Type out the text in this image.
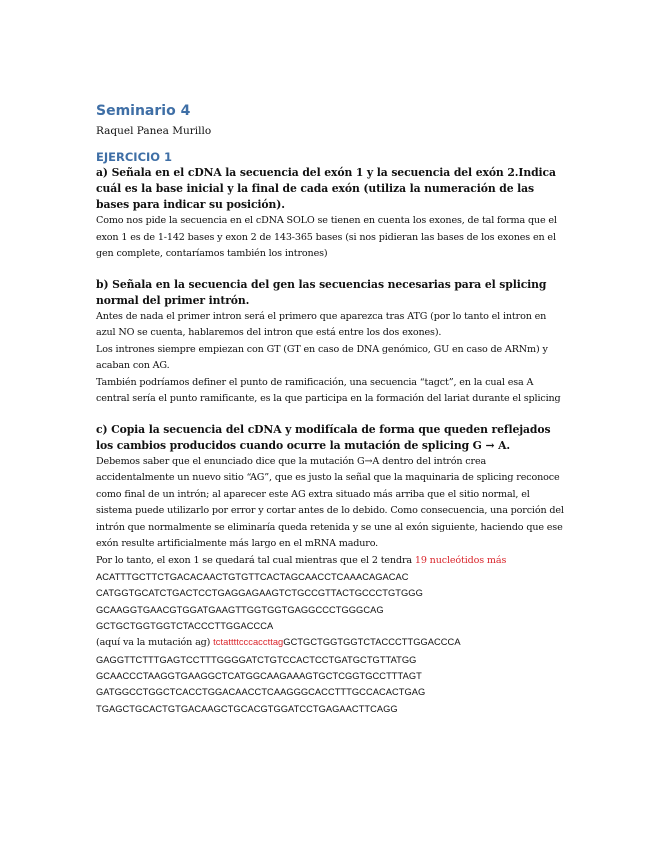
Seminario 4

Raquel Panea Murillo

EJERCICIO 1

a) Señala en el cDNA la secuencia del exón 1 y la secuencia del exón 2.Indica cuál es la base inicial y la final de cada exón (utiliza la numeración de las bases para indicar su posición).

Como nos pide la secuencia en el cDNA SOLO se tienen en cuenta los exones, de tal forma que el exon 1 es de 1-142 bases y exon 2 de 143-365 bases (si nos pidieran las bases de los exones en el gen complete, contaríamos también los intrones)

b) Señala en la secuencia del gen las secuencias necesarias para el splicing normal del primer intrón.

Antes de nada el primer intron será el primero que aparezca tras ATG (por lo tanto el intron en azul NO se cuenta, hablaremos del intron que está entre los dos exones).

Los intrones siempre empiezan con GT (GT en caso de DNA genómico, GU en caso de ARNm) y acaban con AG.

También podríamos definer el punto de ramificación, una secuencia “tagct”, en la cual esa A central sería el punto ramificante, es la que participa en la formación del lariat durante el splicing

c) Copia la secuencia del cDNA y modifícala de forma que queden reflejados los cambios producidos cuando ocurre la mutación de splicing G → A.

Debemos saber que el enunciado dice que la mutación G→A dentro del intrón crea accidentalmente un nuevo sitio “AG”, que es justo la señal que la maquinaria de splicing reconoce como final de un intrón; al aparecer este AG extra situado más arriba que el sitio normal, el sistema puede utilizarlo por error y cortar antes de lo debido. Como consecuencia, una porción del intrón que normalmente se eliminaría queda retenida y se une al exón siguiente, haciendo que ese exón resulte artificialmente más largo en el mRNA maduro.

Por lo tanto, el exon 1 se quedará tal cual mientras que el 2 tendra 19 nucleótidos más

ACATTTGCTTCTGACACAACTGTGTTCACTAGCAACCTCAAACAGACAC

CATGGTGCATCTGACTCCTGAGGAGAAGTCTGCCGTTACTGCCCTGTGGG

GCAAGGTGAACGTGGATGAAGTTGGTGGTGAGGCCCTGGGCAG

GCTGCTGGTGGTCTACCCTTGGACCCA

(aquí va la mutación ag) tctattttcccaccttagGCTGCTGGTGGTCTACCCTTGGACCCA

GAGGTTCTTTGAGTCCTTTGGGGATCTGTCCACTCCTGATGCTGTTATGG

GCAACCCTAAGGTGAAGGCTCATGGCAAGAAAGTGCTCGGTGCCTTTAGT

GATGGCCTGGCTCACCTGGACAACCTCAAGGGCACCTTTGCCACACTGAG

TGAGCTGCACTGTGACAAGCTGCACGTGGATCCTGAGAACTTCAGG
